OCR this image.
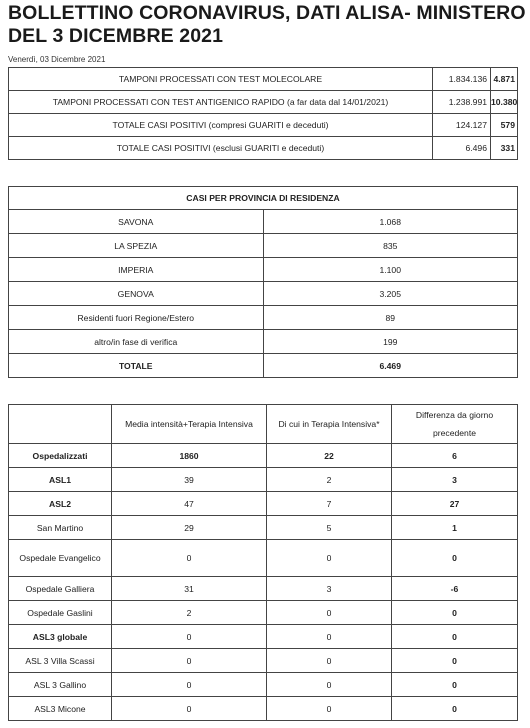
BOLLETTINO CORONAVIRUS, DATI ALISA- MINISTERO DEL 3 DICEMBRE 2021
Venerdì, 03 Dicembre 2021
TAMPONI PROCESSATI CON TEST MOLECOLARE	1.834.136	4.871
TAMPONI PROCESSATI CON TEST ANTIGENICO RAPIDO (a far data dal 14/01/2021)	1.238.991	10.380
TOTALE CASI POSITIVI (compresi GUARITI e deceduti)	124.127	579
TOTALE CASI POSITIVI (esclusi GUARITI e deceduti)	6.496	331
CASI PER PROVINCIA DI RESIDENZA	
SAVONA	1.068
LA SPEZIA	835
IMPERIA	1.100
GENOVA	3.205
Residenti fuori Regione/Estero	89
altro/in fase di verifica	199
TOTALE	6.469
	Media intensità+Terapia Intensiva	Di cui in Terapia Intensiva*	Differenza da giorno precedente
Ospedalizzati	1860	22	6
ASL1	39	2	3
ASL2	47	7	27
San Martino	29	5	1
Ospedale Evangelico	0	0	0
Ospedale Galliera	31	3	-6
Ospedale Gaslini	2	0	0
ASL3 globale	0	0	0
ASL 3 Villa Scassi	0	0	0
ASL 3 Gallino	0	0	0
ASL3 Micone	0	0	0
